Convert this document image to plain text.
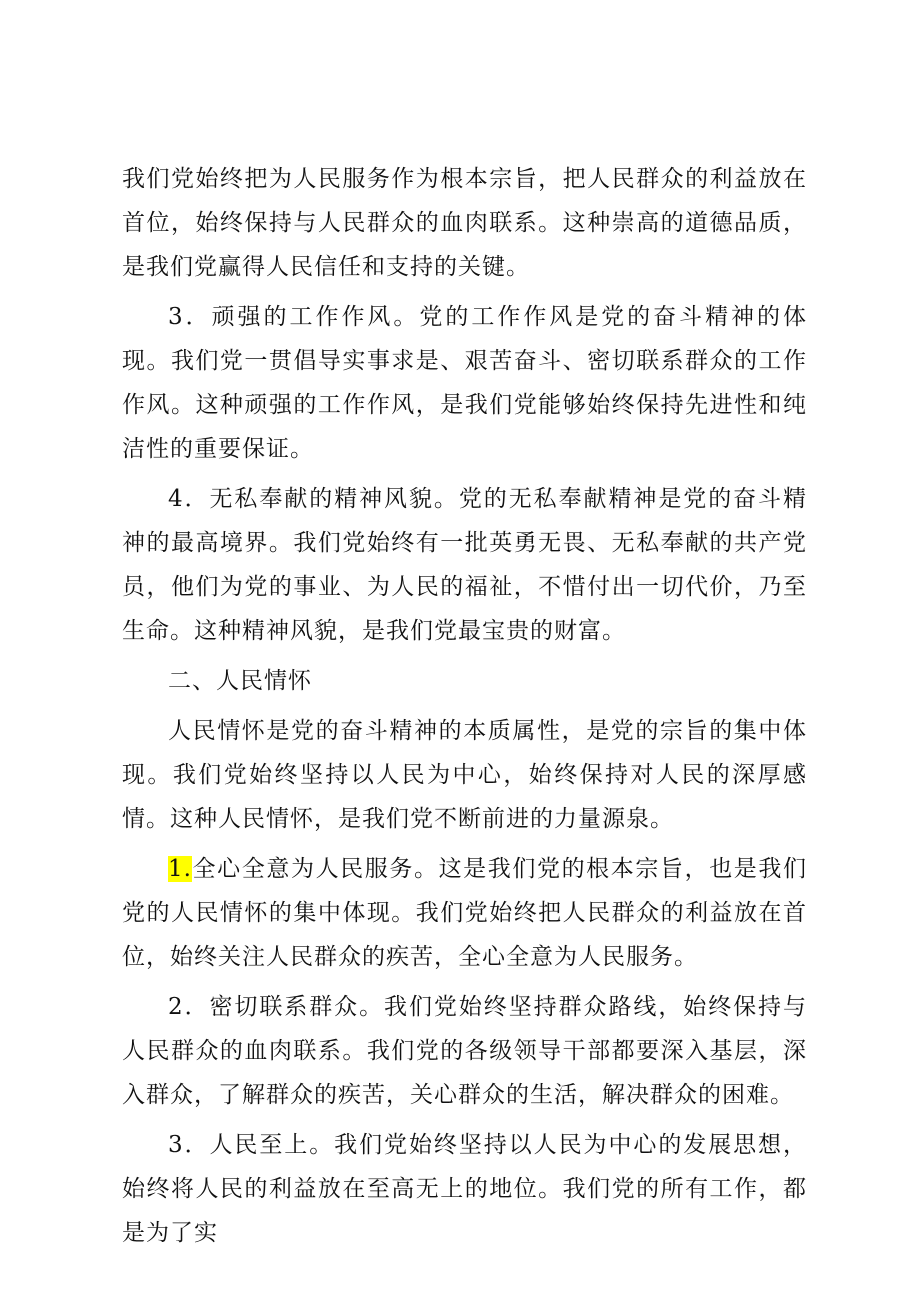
我们党始终把为人民服务作为根本宗旨，把人民群众的利益放在首位，始终保持与人民群众的血肉联系。这种崇高的道德品质，是我们党赢得人民信任和支持的关键。

3．顽强的工作作风。党的工作作风是党的奋斗精神的体现。我们党一贯倡导实事求是、艰苦奋斗、密切联系群众的工作作风。这种顽强的工作作风，是我们党能够始终保持先进性和纯洁性的重要保证。

4．无私奉献的精神风貌。党的无私奉献精神是党的奋斗精神的最高境界。我们党始终有一批英勇无畏、无私奉献的共产党员，他们为党的事业、为人民的福祉，不惜付出一切代价，乃至生命。这种精神风貌，是我们党最宝贵的财富。

二、人民情怀

人民情怀是党的奋斗精神的本质属性，是党的宗旨的集中体现。我们党始终坚持以人民为中心，始终保持对人民的深厚感情。这种人民情怀，是我们党不断前进的力量源泉。

1.全心全意为人民服务。这是我们党的根本宗旨，也是我们党的人民情怀的集中体现。我们党始终把人民群众的利益放在首位，始终关注人民群众的疾苦，全心全意为人民服务。

2．密切联系群众。我们党始终坚持群众路线，始终保持与人民群众的血肉联系。我们党的各级领导干部都要深入基层，深入群众，了解群众的疾苦，关心群众的生活，解决群众的困难。

3．人民至上。我们党始终坚持以人民为中心的发展思想，始终将人民的利益放在至高无上的地位。我们党的所有工作，都是为了实
